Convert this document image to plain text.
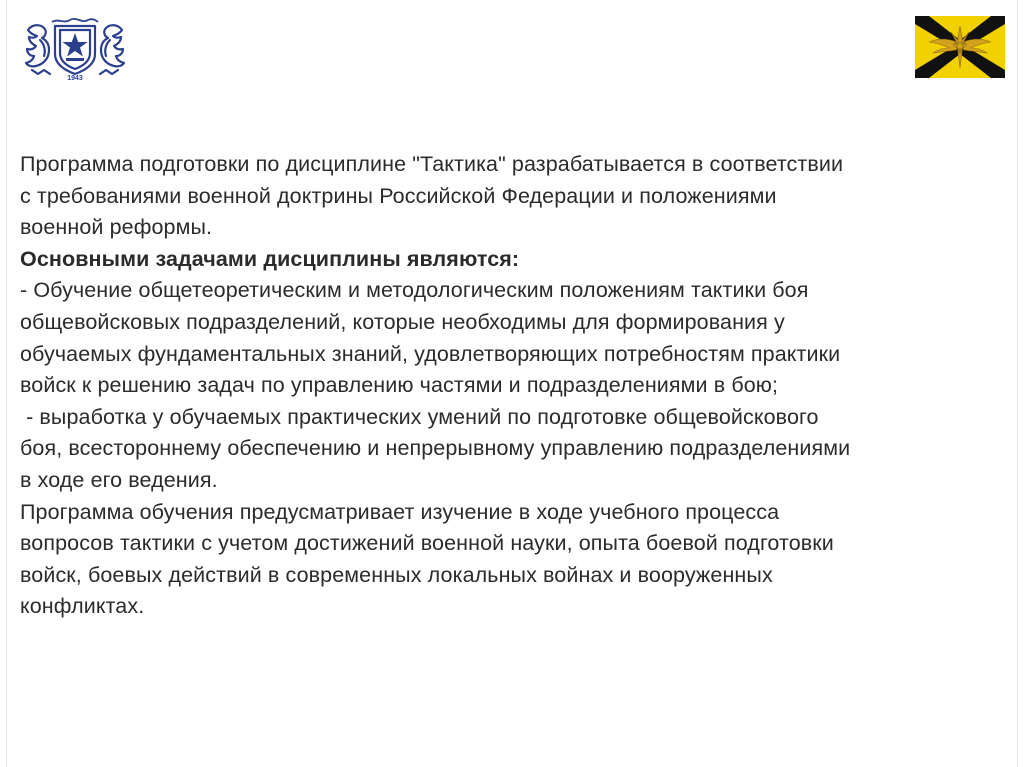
1943
Программа подготовки по дисциплине "Тактика" разрабатывается в соответствии
с требованиями военной доктрины Российской Федерации и положениями
военной реформы.
Основными задачами дисциплины являются:
- Обучение общетеоретическим и методологическим положениям тактики боя
общевойсковых подразделений, которые необходимы для формирования у
обучаемых фундаментальных знаний, удовлетворяющих потребностям практики
войск к решению задач по управлению частями и подразделениями в бою;
- выработка у обучаемых практических умений по подготовке общевойскового
боя, всестороннему обеспечению и непрерывному управлению подразделениями
в ходе его ведения.
Программа обучения предусматривает изучение в ходе учебного процесса
вопросов тактики с учетом достижений военной науки, опыта боевой подготовки
войск, боевых действий в современных локальных войнах и вооруженных
конфликтах.
